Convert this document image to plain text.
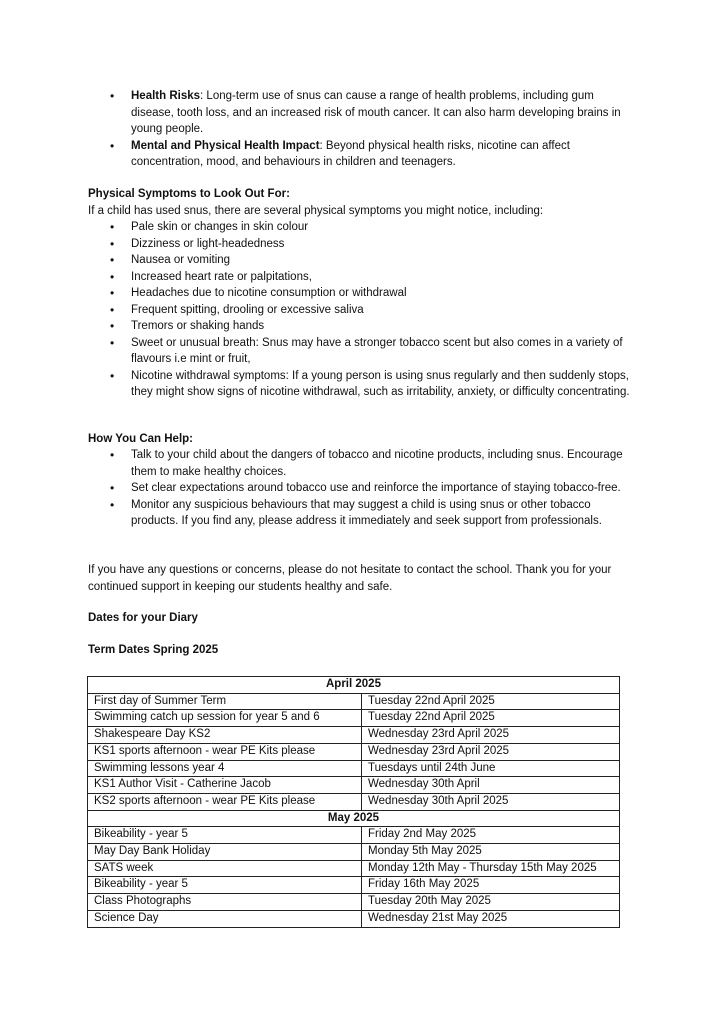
• Health Risks: Long-term use of snus can cause a range of health problems, including gum disease, tooth loss, and an increased risk of mouth cancer. It can also harm developing brains in young people.
• Mental and Physical Health Impact: Beyond physical health risks, nicotine can affect concentration, mood, and behaviours in children and teenagers.
Physical Symptoms to Look Out For:
If a child has used snus, there are several physical symptoms you might notice, including:
• Pale skin or changes in skin colour
• Dizziness or light-headedness
• Nausea or vomiting
• Increased heart rate or palpitations,
• Headaches due to nicotine consumption or withdrawal
• Frequent spitting, drooling or excessive saliva
• Tremors or shaking hands
• Sweet or unusual breath: Snus may have a stronger tobacco scent but also comes in a variety of flavours i.e mint or fruit,
• Nicotine withdrawal symptoms: If a young person is using snus regularly and then suddenly stops, they might show signs of nicotine withdrawal, such as irritability, anxiety, or difficulty concentrating.
How You Can Help:
• Talk to your child about the dangers of tobacco and nicotine products, including snus. Encourage them to make healthy choices.
• Set clear expectations around tobacco use and reinforce the importance of staying tobacco-free.
• Monitor any suspicious behaviours that may suggest a child is using snus or other tobacco products. If you find any, please address it immediately and seek support from professionals.
If you have any questions or concerns, please do not hesitate to contact the school. Thank you for your continued support in keeping our students healthy and safe.
Dates for your Diary
Term Dates Spring 2025
April 2025	
First day of Summer Term	Tuesday 22nd April 2025
Swimming catch up session for year 5 and 6	Tuesday 22nd April 2025
Shakespeare Day KS2	Wednesday 23rd April 2025
KS1 sports afternoon - wear PE Kits please	Wednesday 23rd April 2025
Swimming lessons year 4	Tuesdays until 24th June
KS1 Author Visit - Catherine Jacob	Wednesday 30th April
KS2 sports afternoon - wear PE Kits please	Wednesday 30th April 2025
May 2025	
Bikeability - year 5	Friday 2nd May 2025
May Day Bank Holiday	Monday 5th May 2025
SATS week	Monday 12th May - Thursday 15th May 2025
Bikeability - year 5	Friday 16th May 2025
Class Photographs	Tuesday 20th May 2025
Science Day	Wednesday 21st May 2025
